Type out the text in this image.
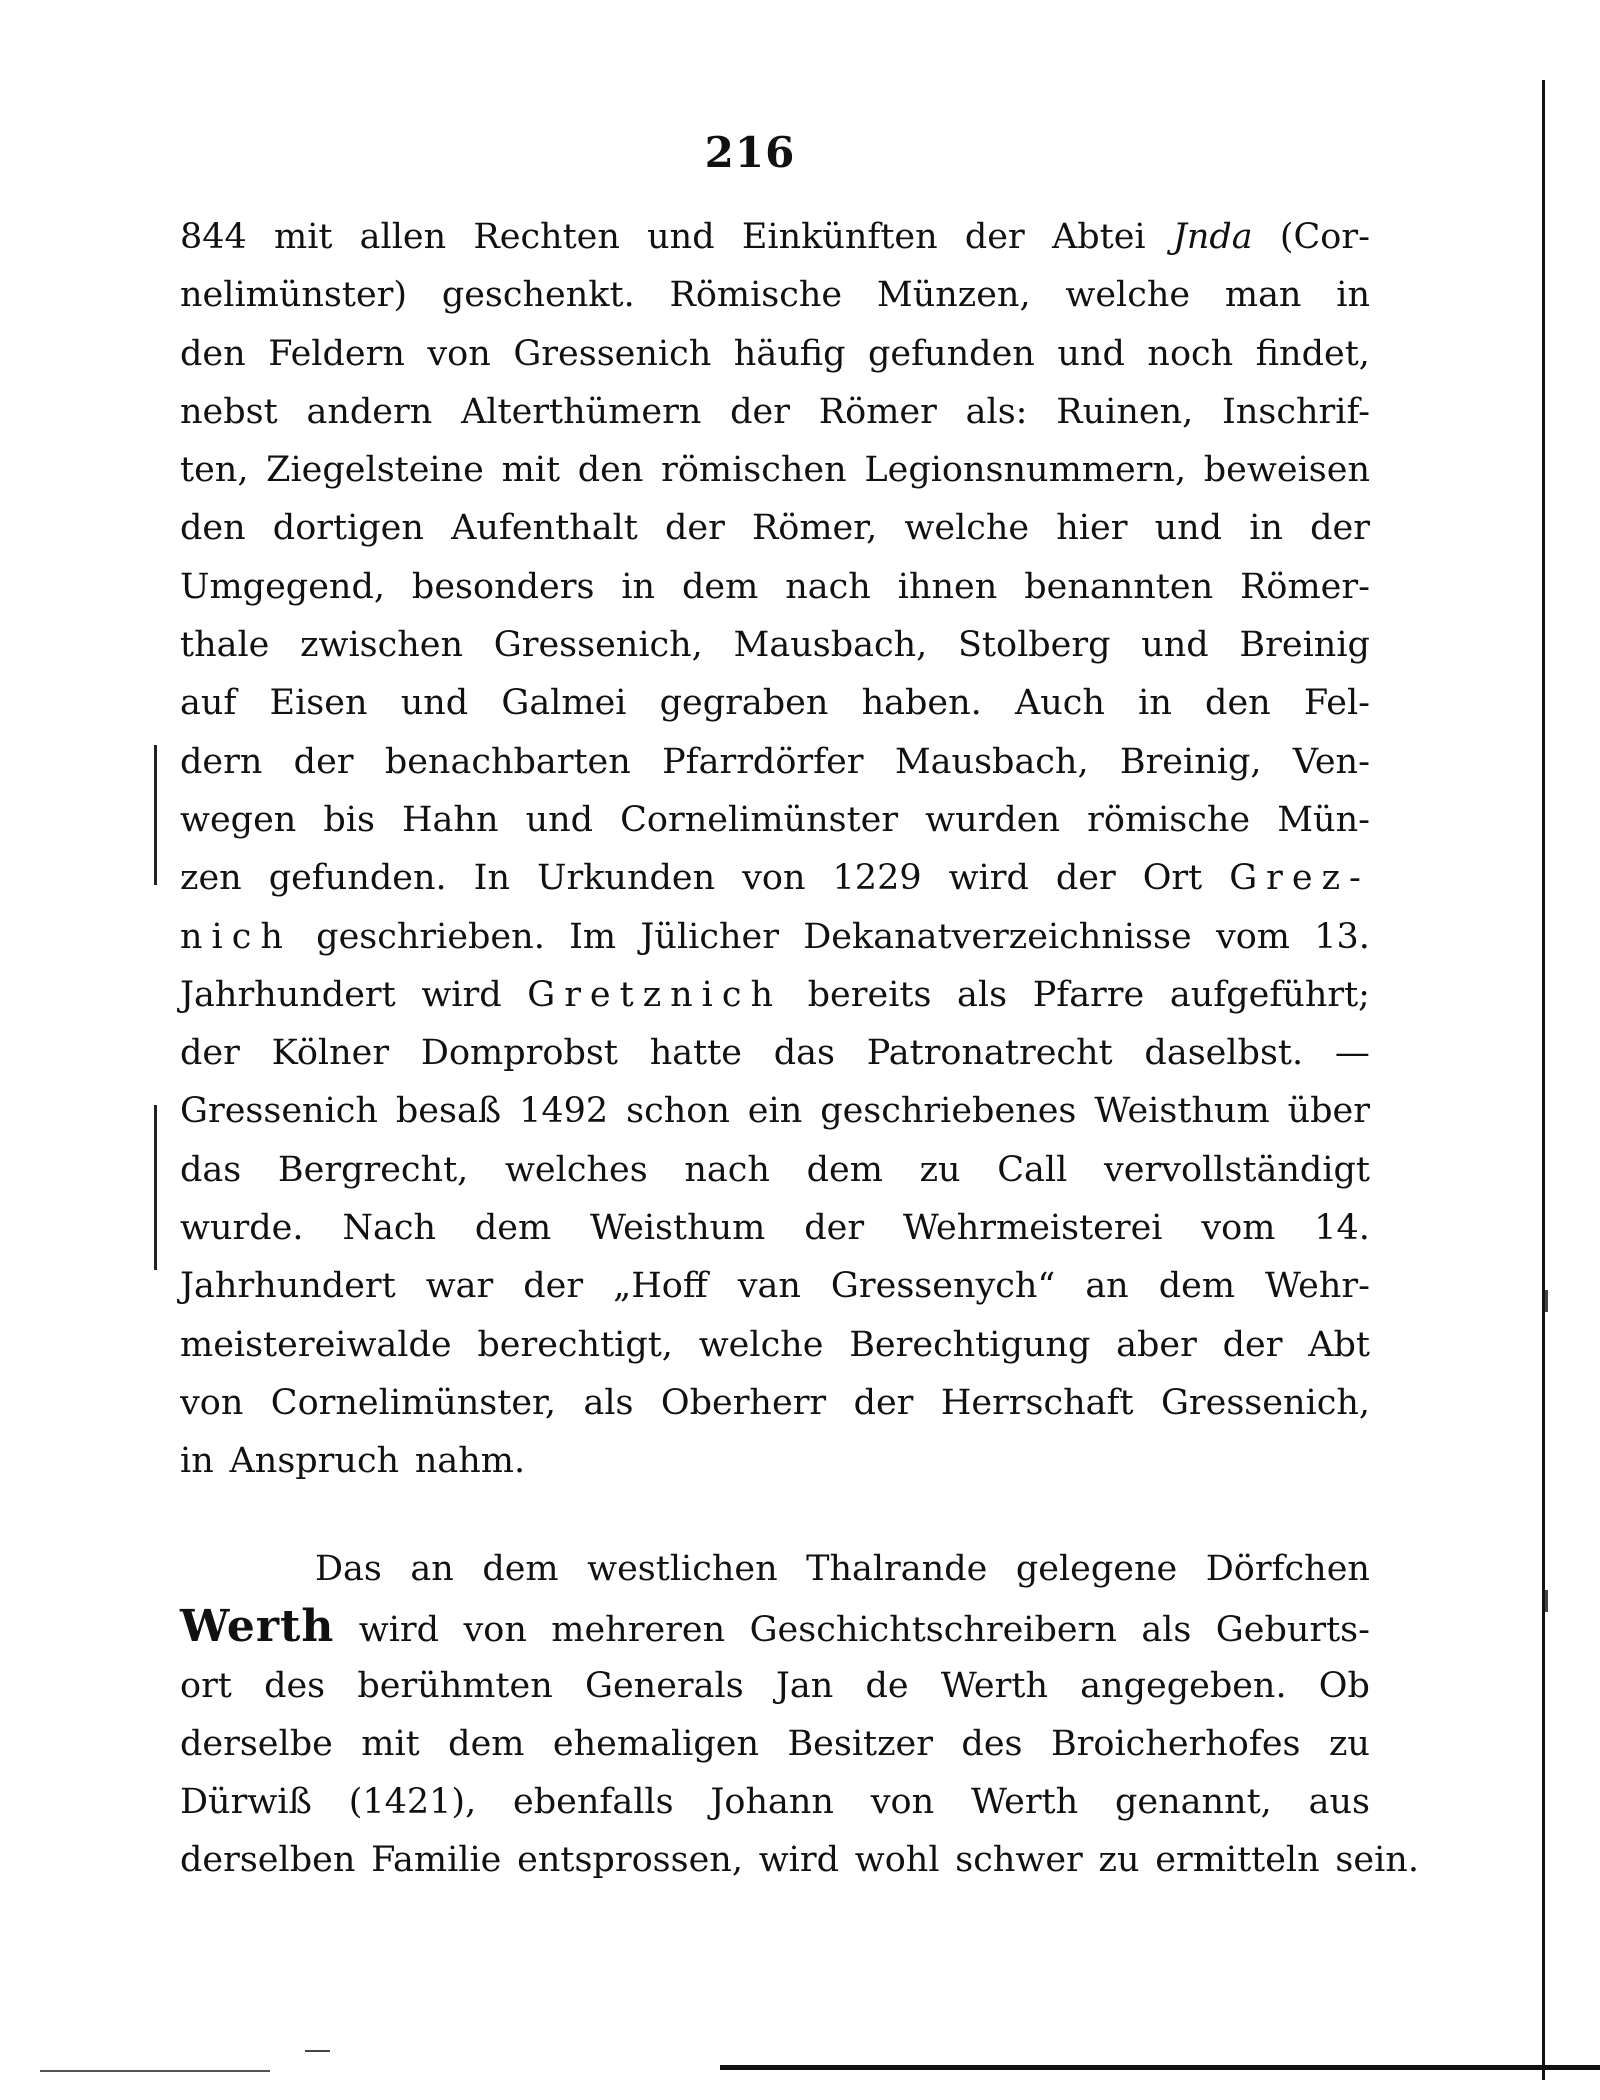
216
844 mit allen Rechten und Einkünften der Abtei Jnda (Cor-
nelimünster) geschenkt. Römische Münzen, welche man in
den Feldern von Gressenich häufig gefunden und noch findet,
nebst andern Alterthümern der Römer als: Ruinen, Inschrif-
ten, Ziegelsteine mit den römischen Legionsnummern, beweisen
den dortigen Aufenthalt der Römer, welche hier und in der
Umgegend, besonders in dem nach ihnen benannten Römer-
thale zwischen Gressenich, Mausbach, Stolberg und Breinig
auf Eisen und Galmei gegraben haben. Auch in den Fel-
dern der benachbarten Pfarrdörfer Mausbach, Breinig, Ven-
wegen bis Hahn und Cornelimünster wurden römische Mün-
zen gefunden. In Urkunden von 1229 wird der Ort Grez-
nich geschrieben. Im Jülicher Dekanatverzeichnisse vom 13.
Jahrhundert wird Gretznich bereits als Pfarre aufgeführt;
der Kölner Domprobst hatte das Patronatrecht daselbst. —
Gressenich besaß 1492 schon ein geschriebenes Weisthum über
das Bergrecht, welches nach dem zu Call vervollständigt
wurde. Nach dem Weisthum der Wehrmeisterei vom 14.
Jahrhundert war der „Hoff van Gressenych“ an dem Wehr-
meistereiwalde berechtigt, welche Berechtigung aber der Abt
von Cornelimünster, als Oberherr der Herrschaft Gressenich,
in Anspruch nahm.
Das an dem westlichen Thalrande gelegene Dörfchen
Werth wird von mehreren Geschichtschreibern als Geburts-
ort des berühmten Generals Jan de Werth angegeben. Ob
derselbe mit dem ehemaligen Besitzer des Broicherhofes zu
Dürwiß (1421), ebenfalls Johann von Werth genannt, aus
derselben Familie entsprossen, wird wohl schwer zu ermitteln sein.
